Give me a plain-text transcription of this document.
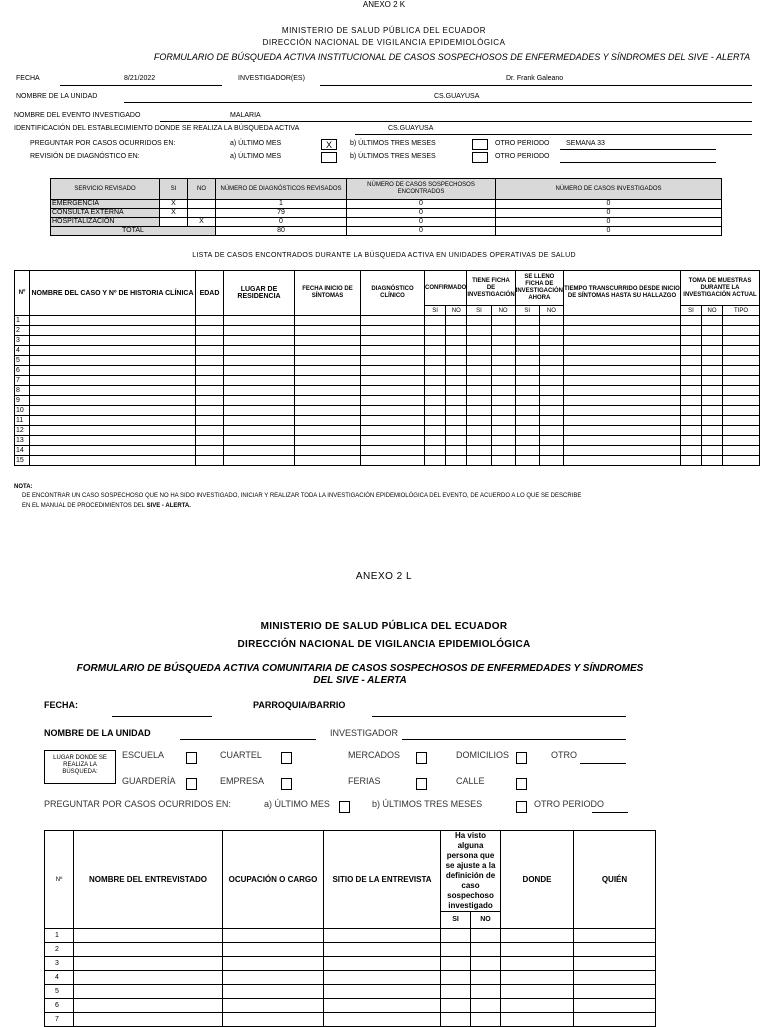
ANEXO 2 K
MINISTERIO DE SALUD PÚBLICA DEL ECUADOR
DIRECCIÓN NACIONAL DE VIGILANCIA EPIDEMIOLÓGICA
FORMULARIO DE BÚSQUEDA ACTIVA INSTITUCIONAL DE CASOS SOSPECHOSOS DE ENFERMEDADES Y SÍNDROMES DEL SIVE - ALERTA
FECHA	8/21/2022	INVESTIGADOR(ES)	Dr. Frank Galeano
NOMBRE DE LA UNIDAD	CS.GUAYUSA
NOMBRE DEL EVENTO INVESTIGADO	MALARIA
IDENTIFICACIÓN DEL ESTABLECIMIENTO DONDE SE REALIZA LA BÚSQUEDA ACTIVA	CS.GUAYUSA
PREGUNTAR POR CASOS OCURRIDOS EN:	a) ÚLTIMO MES	X	b) ÚLTIMOS TRES MESES	OTRO PERIODO SEMANA 33
REVISIÓN DE DIAGNÓSTICO EN:	a) ÚLTIMO MES	b) ÚLTIMOS TRES MESES	OTRO PERIODO
SERVICIO REVISADO	SI	NO	NÚMERO DE DIAGNÓSTICOS REVISADOS	NÚMERO DE CASOS SOSPECHOSOS ENCONTRADOS	NÚMERO DE CASOS INVESTIGADOS
EMERGENCIA	X		1	0	0
CONSULTA EXTERNA	X		79	0	0
HOSPITALIZACIÓN		X	0	0	0
TOTAL			80	0	0
LISTA DE CASOS ENCONTRADOS DURANTE LA BÚSQUEDA ACTIVA EN UNIDADES OPERATIVAS DE SALUD
Nº	NOMBRE DEL CASO Y Nº DE HISTORIA CLÍNICA	EDAD	LUGAR DE RESIDENCIA	FECHA INICIO DE SÍNTOMAS	DIAGNÓSTICO CLÍNICO	CONFIRMADO		TIENE FICHA DE INVESTIGACIÓN		SE LLENO FICHA DE INVESTIGACIÓN AHORA		TIEMPO TRANSCURRIDO DESDE INICIO DE SÍNTOMAS HASTA SU HALLAZGO	TOMA DE MUESTRAS DURANTE LA INVESTIGACIÓN ACTUAL		
						SI	NO	SI	NO	SI	NO		SI	NO	TIPO
1															
2															
3															
4															
5															
6															
7															
8															
9															
10															
11															
12															
13															
14															
15															
NOTA:
DE ENCONTRAR UN CASO SOSPECHOSO QUE NO HA SIDO INVESTIGADO, INICIAR Y REALIZAR TODA LA INVESTIGACIÓN EPIDEMIOLÓGICA DEL EVENTO, DE ACUERDO A LO QUE SE DESCRIBE
EN EL MANUAL DE PROCEDIMIENTOS DEL SIVE - ALERTA.
ANEXO 2 L
MINISTERIO DE SALUD PÚBLICA DEL ECUADOR
DIRECCIÓN NACIONAL DE VIGILANCIA EPIDEMIOLÓGICA
FORMULARIO DE BÚSQUEDA ACTIVA COMUNITARIA DE CASOS SOSPECHOSOS DE ENFERMEDADES Y SÍNDROMES
DEL SIVE - ALERTA
FECHA:	PARROQUIA/BARRIO
NOMBRE DE LA UNIDAD	INVESTIGADOR
LUGAR DONDE SE REALIZA LA BÚSQUEDA:
ESCUELA	CUARTEL	MERCADOS	DOMICILIOS	OTRO
GUARDERÍA	EMPRESA	FERIAS	CALLE
PREGUNTAR POR CASOS OCURRIDOS EN:	a) ÚLTIMO MES	b) ÚLTIMOS TRES MESES	OTRO PERIODO
Nº	NOMBRE DEL ENTREVISTADO	OCUPACIÓN O CARGO	SITIO DE LA ENTREVISTA	Ha visto alguna persona que se ajuste a la definición de caso sospechoso investigado		DONDE	QUIÉN
				SI	NO		
1							
2							
3							
4							
5							
6							
7							
